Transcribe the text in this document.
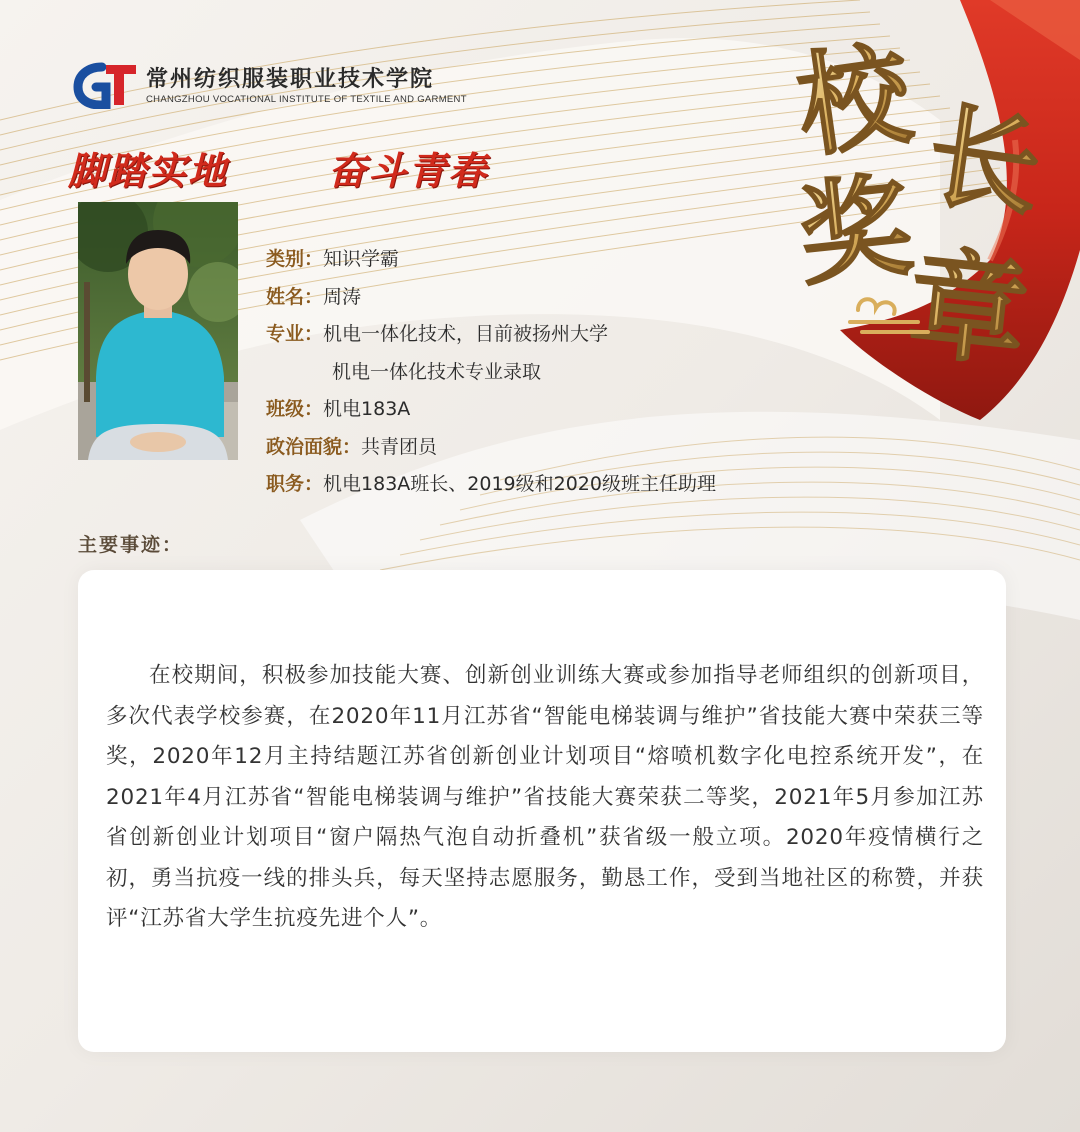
常州纺织服装职业技术学院
CHANGZHOU VOCATIONAL INSTITUTE OF TEXTILE AND GARMENT
脚踏实地	奋斗青春	校 长
奖
章
类别：知识学霸
姓名：周涛
专业：机电一体化技术，目前被扬州大学
机电一体化技术专业录取
班级：机电183A
政治面貌：共青团员
职务：机电183A班长、2019级和2020级班主任助理
主要事迹：

在校期间，积极参加技能大赛、创新创业训练大赛或参加指导老师组织的创新项目，多次代表学校参赛，在2020年11月江苏省“智能电梯装调与维护”省技能大赛中荣获三等奖，2020年12月主持结题江苏省创新创业计划项目“熔喷机数字化电控系统开发”，在2021年4月江苏省“智能电梯装调与维护”省技能大赛荣获二等奖，2021年5月参加江苏省创新创业计划项目“窗户隔热气泡自动折叠机”获省级一般立项。2020年疫情横行之初，勇当抗疫一线的排头兵，每天坚持志愿服务，勤恳工作，受到当地社区的称赞，并获评“江苏省大学生抗疫先进个人”。
